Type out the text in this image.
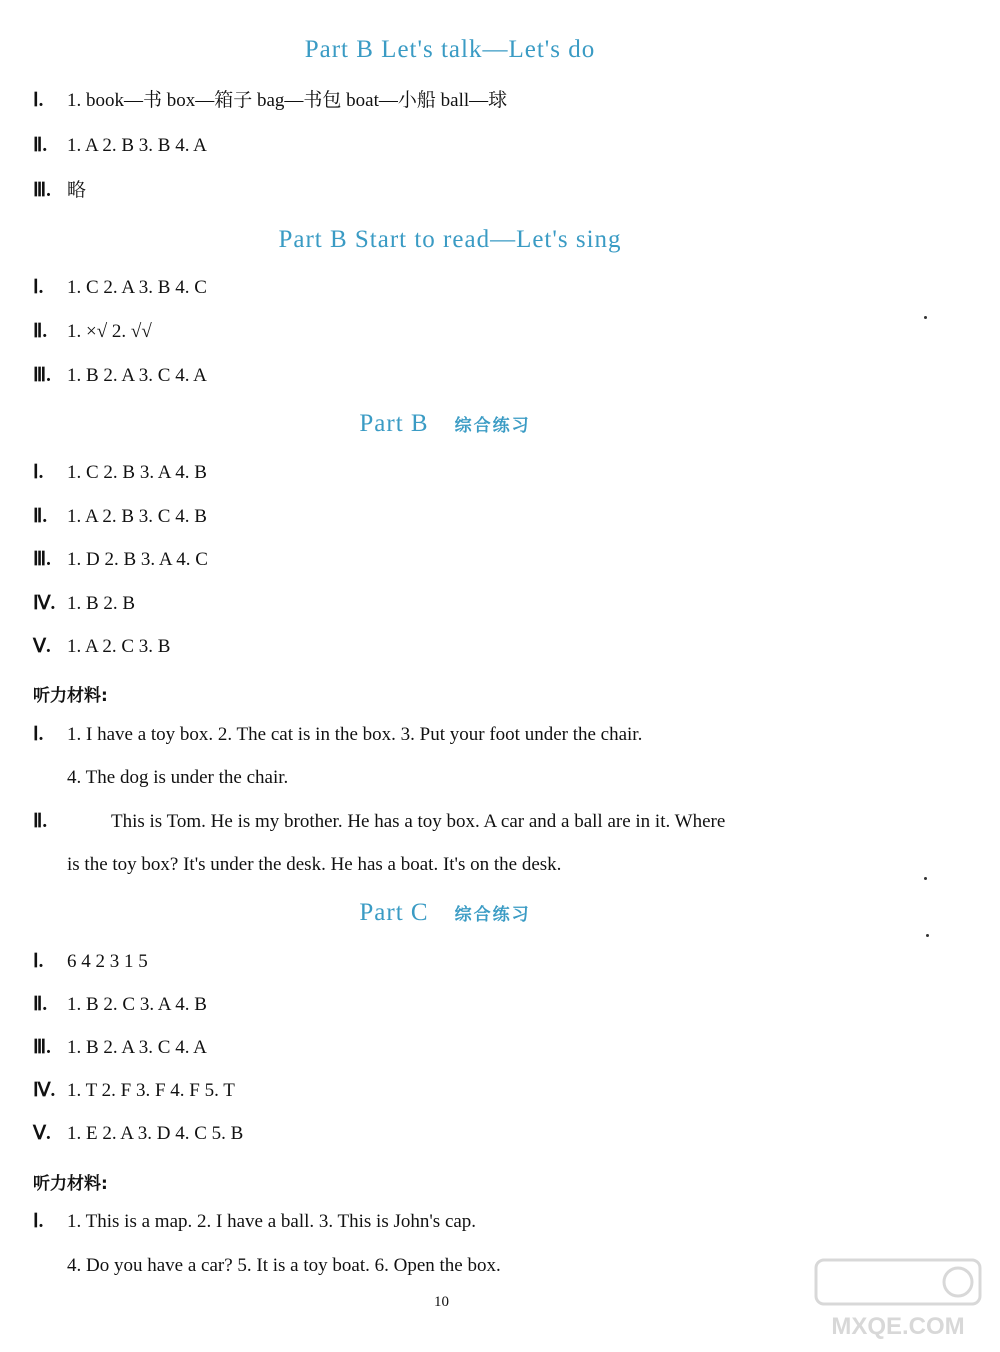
Part B Let's talk—Let's do
Ⅰ. 1. book—书 box—箱子 bag—书包 boat—小船 ball—球
Ⅱ. 1. A 2. B 3. B 4. A
Ⅲ. 略
Part B Start to read—Let's sing
Ⅰ. 1. C 2. A 3. B 4. C
Ⅱ. 1. ×√ 2. √√
Ⅲ. 1. B 2. A 3. C 4. A
Part B 综合练习
Ⅰ. 1. C 2. B 3. A 4. B
Ⅱ. 1. A 2. B 3. C 4. B
Ⅲ. 1. D 2. B 3. A 4. C
Ⅳ. 1. B 2. B
Ⅴ. 1. A 2. C 3. B
听力材料:
Ⅰ. 1. I have a toy box. 2. The cat is in the box. 3. Put your foot under the chair.
4. The dog is under the chair.
Ⅱ.	This is Tom. He is my brother. He has a toy box. A car and a ball are in it. Where
is the toy box? It's under the desk. He has a boat. It's on the desk.
Part C 综合练习
Ⅰ. 6 4 2 3 1 5
Ⅱ. 1. B 2. C 3. A 4. B
Ⅲ. 1. B 2. A 3. C 4. A
Ⅳ. 1. T 2. F 3. F 4. F 5. T
Ⅴ. 1. E 2. A 3. D 4. C 5. B
听力材料:
Ⅰ. 1. This is a map. 2. I have a ball. 3. This is John's cap.
4. Do you have a car? 5. It is a toy boat. 6. Open the box.
10
MXQE.COM
